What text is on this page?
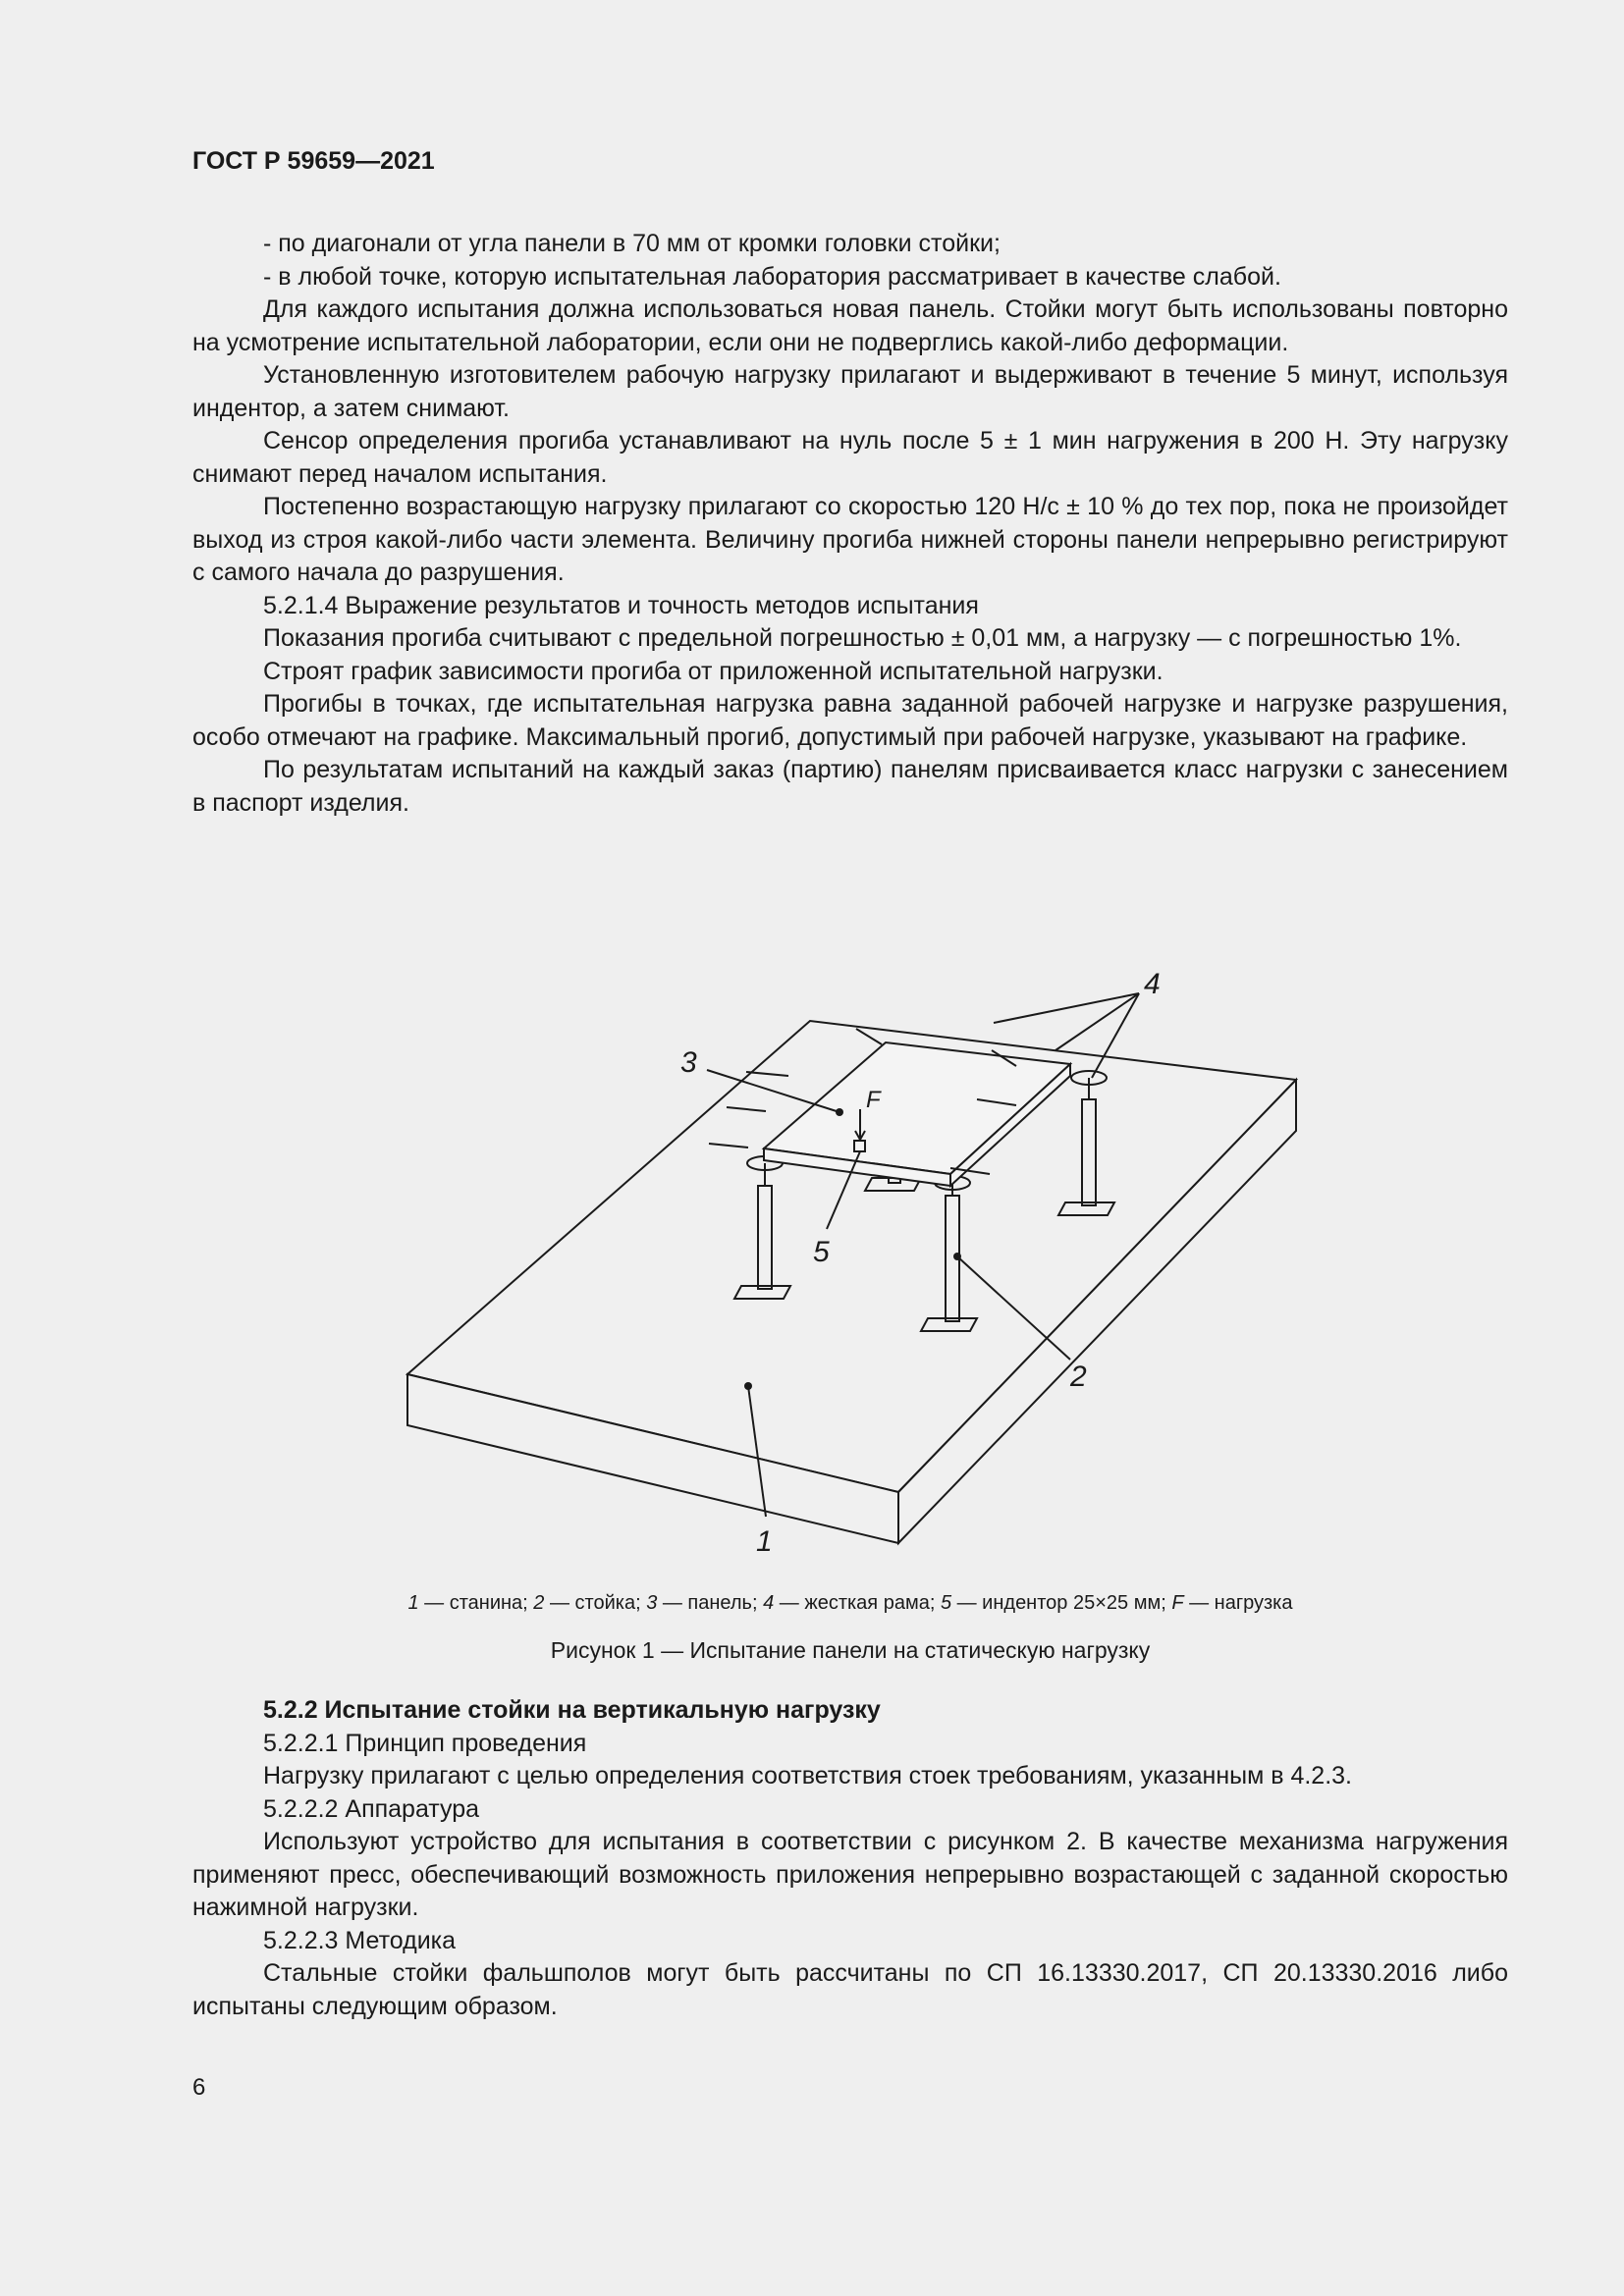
ГОСТ Р 59659—2021

- по диагонали от угла панели в 70 мм от кромки головки стойки;

- в любой точке, которую испытательная лаборатория рассматривает в качестве слабой.

Для каждого испытания должна использоваться новая панель. Стойки могут быть использованы повторно на усмотрение испытательной лаборатории, если они не подверглись какой-либо деформации.

Установленную изготовителем рабочую нагрузку прилагают и выдерживают в течение 5 минут, используя индентор, а затем снимают.

Сенсор определения прогиба устанавливают на нуль после 5 ± 1 мин нагружения в 200 Н. Эту нагрузку снимают перед началом испытания.

Постепенно возрастающую нагрузку прилагают со скоростью 120 Н/с ± 10 % до тех пор, пока не произойдет выход из строя какой-либо части элемента. Величину прогиба нижней стороны панели непрерывно регистрируют с самого начала до разрушения.

5.2.1.4 Выражение результатов и точность методов испытания

Показания прогиба считывают с предельной погрешностью ± 0,01 мм, а нагрузку — с погрешностью 1%.

Строят график зависимости прогиба от приложенной испытательной нагрузки.

Прогибы в точках, где испытательная нагрузка равна заданной рабочей нагрузке и нагрузке разрушения, особо отмечают на графике. Максимальный прогиб, допустимый при рабочей нагрузке, указывают на графике.

По результатам испытаний на каждый заказ (партию) панелям присваивается класс нагрузки с занесением в паспорт изделия.

4
3
F
5
2
1
1 — станина; 2 — стойка; 3 — панель; 4 — жесткая рама; 5 — индентор 25×25 мм; F — нагрузка
Рисунок 1 — Испытание панели на статическую нагрузку

5.2.2 Испытание стойки на вертикальную нагрузку

5.2.2.1 Принцип проведения

Нагрузку прилагают с целью определения соответствия стоек требованиям, указанным в 4.2.3.

5.2.2.2 Аппаратура

Используют устройство для испытания в соответствии с рисунком 2. В качестве механизма нагружения применяют пресс, обеспечивающий возможность приложения непрерывно возрастающей с заданной скоростью нажимной нагрузки.

5.2.2.3 Методика

Стальные стойки фальшполов могут быть рассчитаны по СП 16.13330.2017, СП 20.13330.2016 либо испытаны следующим образом.

6
